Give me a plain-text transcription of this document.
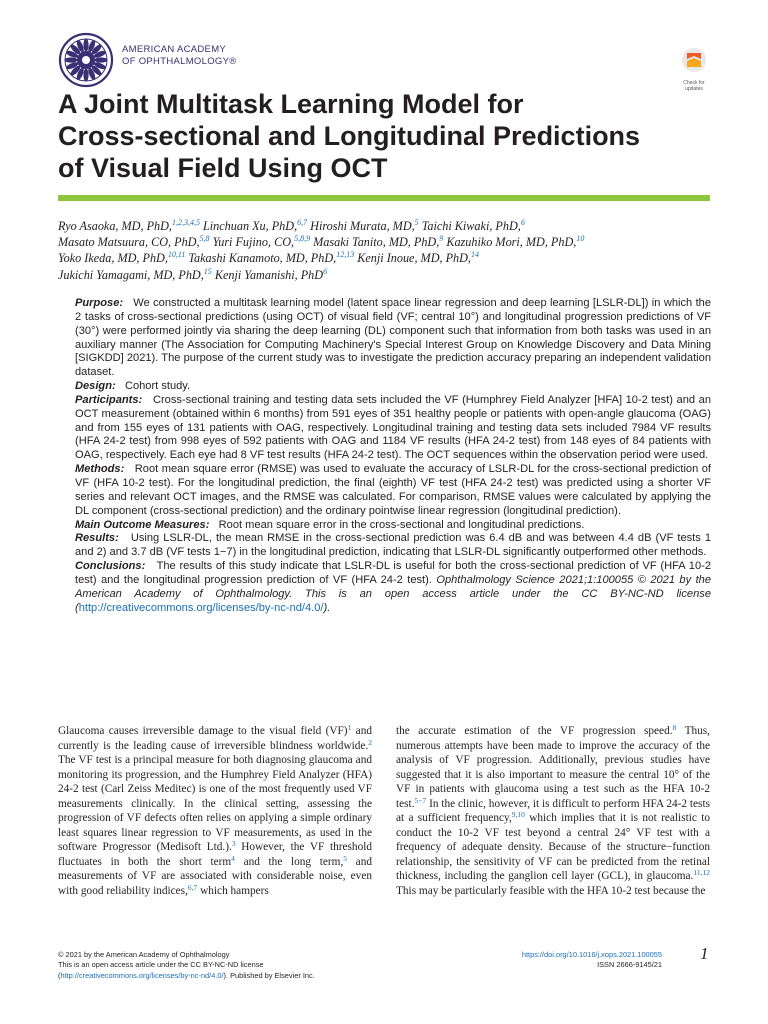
AMERICAN ACADEMY
OF OPHTHALMOLOGY®
Check for
updates
A Joint Multitask Learning Model for
Cross-sectional and Longitudinal Predictions
of Visual Field Using OCT
Ryo Asaoka, MD, PhD,$^{1,2,3,4,5}$ Linchuan Xu, PhD,$^{6,7}$ Hiroshi Murata, MD,$^5$ Taichi Kiwaki, PhD,$^6$
Masato Matsuura, CO, PhD,$^{5,8}$ Yuri Fujino, CO,$^{5,8,9}$ Masaki Tanito, MD, PhD,$^9$ Kazuhiko Mori, MD, PhD,$^{10}$
Yoko Ikeda, MD, PhD,$^{10,11}$ Takashi Kanamoto, MD, PhD,$^{12,13}$ Kenji Inoue, MD, PhD,$^{14}$
Jukichi Yamagami, MD, PhD,$^{15}$ Kenji Yamanishi, PhD$^6$

Purpose: We constructed a multitask learning model (latent space linear regression and deep learning [LSLR-DL]) in which the 2 tasks of cross-sectional predictions (using OCT) of visual field (VF; central 10°) and longitudinal progression predictions of VF (30°) were performed jointly via sharing the deep learning (DL) component such that information from both tasks was used in an auxiliary manner (The Association for Computing Machinery's Special Interest Group on Knowledge Discovery and Data Mining [SIGKDD] 2021). The purpose of the current study was to investigate the prediction accuracy preparing an independent validation dataset.

Design: Cohort study.

Participants: Cross-sectional training and testing data sets included the VF (Humphrey Field Analyzer [HFA] 10-2 test) and an OCT measurement (obtained within 6 months) from 591 eyes of 351 healthy people or patients with open-angle glaucoma (OAG) and from 155 eyes of 131 patients with OAG, respectively. Longitudinal training and testing data sets included 7984 VF results (HFA 24-2 test) from 998 eyes of 592 patients with OAG and 1184 VF results (HFA 24-2 test) from 148 eyes of 84 patients with OAG, respectively. Each eye had 8 VF test results (HFA 24-2 test). The OCT sequences within the observation period were used.

Methods: Root mean square error (RMSE) was used to evaluate the accuracy of LSLR-DL for the cross-sectional prediction of VF (HFA 10-2 test). For the longitudinal prediction, the final (eighth) VF test (HFA 24-2 test) was predicted using a shorter VF series and relevant OCT images, and the RMSE was calculated. For comparison, RMSE values were calculated by applying the DL component (cross-sectional prediction) and the ordinary pointwise linear regression (longitudinal prediction).

Main Outcome Measures: Root mean square error in the cross-sectional and longitudinal predictions.

Results: Using LSLR-DL, the mean RMSE in the cross-sectional prediction was 6.4 dB and was between 4.4 dB (VF tests 1 and 2) and 3.7 dB (VF tests 1−7) in the longitudinal prediction, indicating that LSLR-DL significantly outperformed other methods.

Conclusions: The results of this study indicate that LSLR-DL is useful for both the cross-sectional prediction of VF (HFA 10-2 test) and the longitudinal progression prediction of VF (HFA 24-2 test). Ophthalmology Science 2021;1:100055 © 2021 by the American Academy of Ophthalmology. This is an open access article under the CC BY-NC-ND license (http://creativecommons.org/licenses/by-nc-nd/4.0/).

Glaucoma causes irreversible damage to the visual field (VF)$^1$ and currently is the leading cause of irreversible blindness worldwide.$^2$ The VF test is a principal measure for both diagnosing glaucoma and monitoring its progression, and the Humphrey Field Analyzer (HFA) 24-2 test (Carl Zeiss Meditec) is one of the most frequently used VF measurements clinically. In the clinical setting, assessing the progression of VF defects often relies on applying a simple ordinary least squares linear regression to VF measurements, as used in the software Progressor (Medisoft Ltd.).$^3$ However, the VF threshold fluctuates in both the short term$^4$ and the long term,$^5$ and measurements of VF are associated with considerable noise, even with good reliability indices,$^{6,7}$ which hampers

the accurate estimation of the VF progression speed.$^8$ Thus, numerous attempts have been made to improve the accuracy of the analysis of VF progression. Additionally, previous studies have suggested that it is also important to measure the central 10° of the VF in patients with glaucoma using a test such as the HFA 10-2 test.$^{5-7}$ In the clinic, however, it is difficult to perform HFA 24-2 tests at a sufficient frequency,$^{9,10}$ which implies that it is not realistic to conduct the 10-2 VF test beyond a central 24° VF test with a frequency of adequate density. Because of the structure−function relationship, the sensitivity of VF can be predicted from the retinal thickness, including the ganglion cell layer (GCL), in glaucoma.$^{11,12}$ This may be particularly feasible with the HFA 10-2 test because the

© 2021 by the American Academy of Ophthalmology
This is an open access article under the CC BY-NC-ND license
(http://creativecommons.org/licenses/by-nc-nd/4.0/). Published by Elsevier Inc.
https://doi.org/10.1016/j.xops.2021.100055
ISSN 2666-9145/21
1
